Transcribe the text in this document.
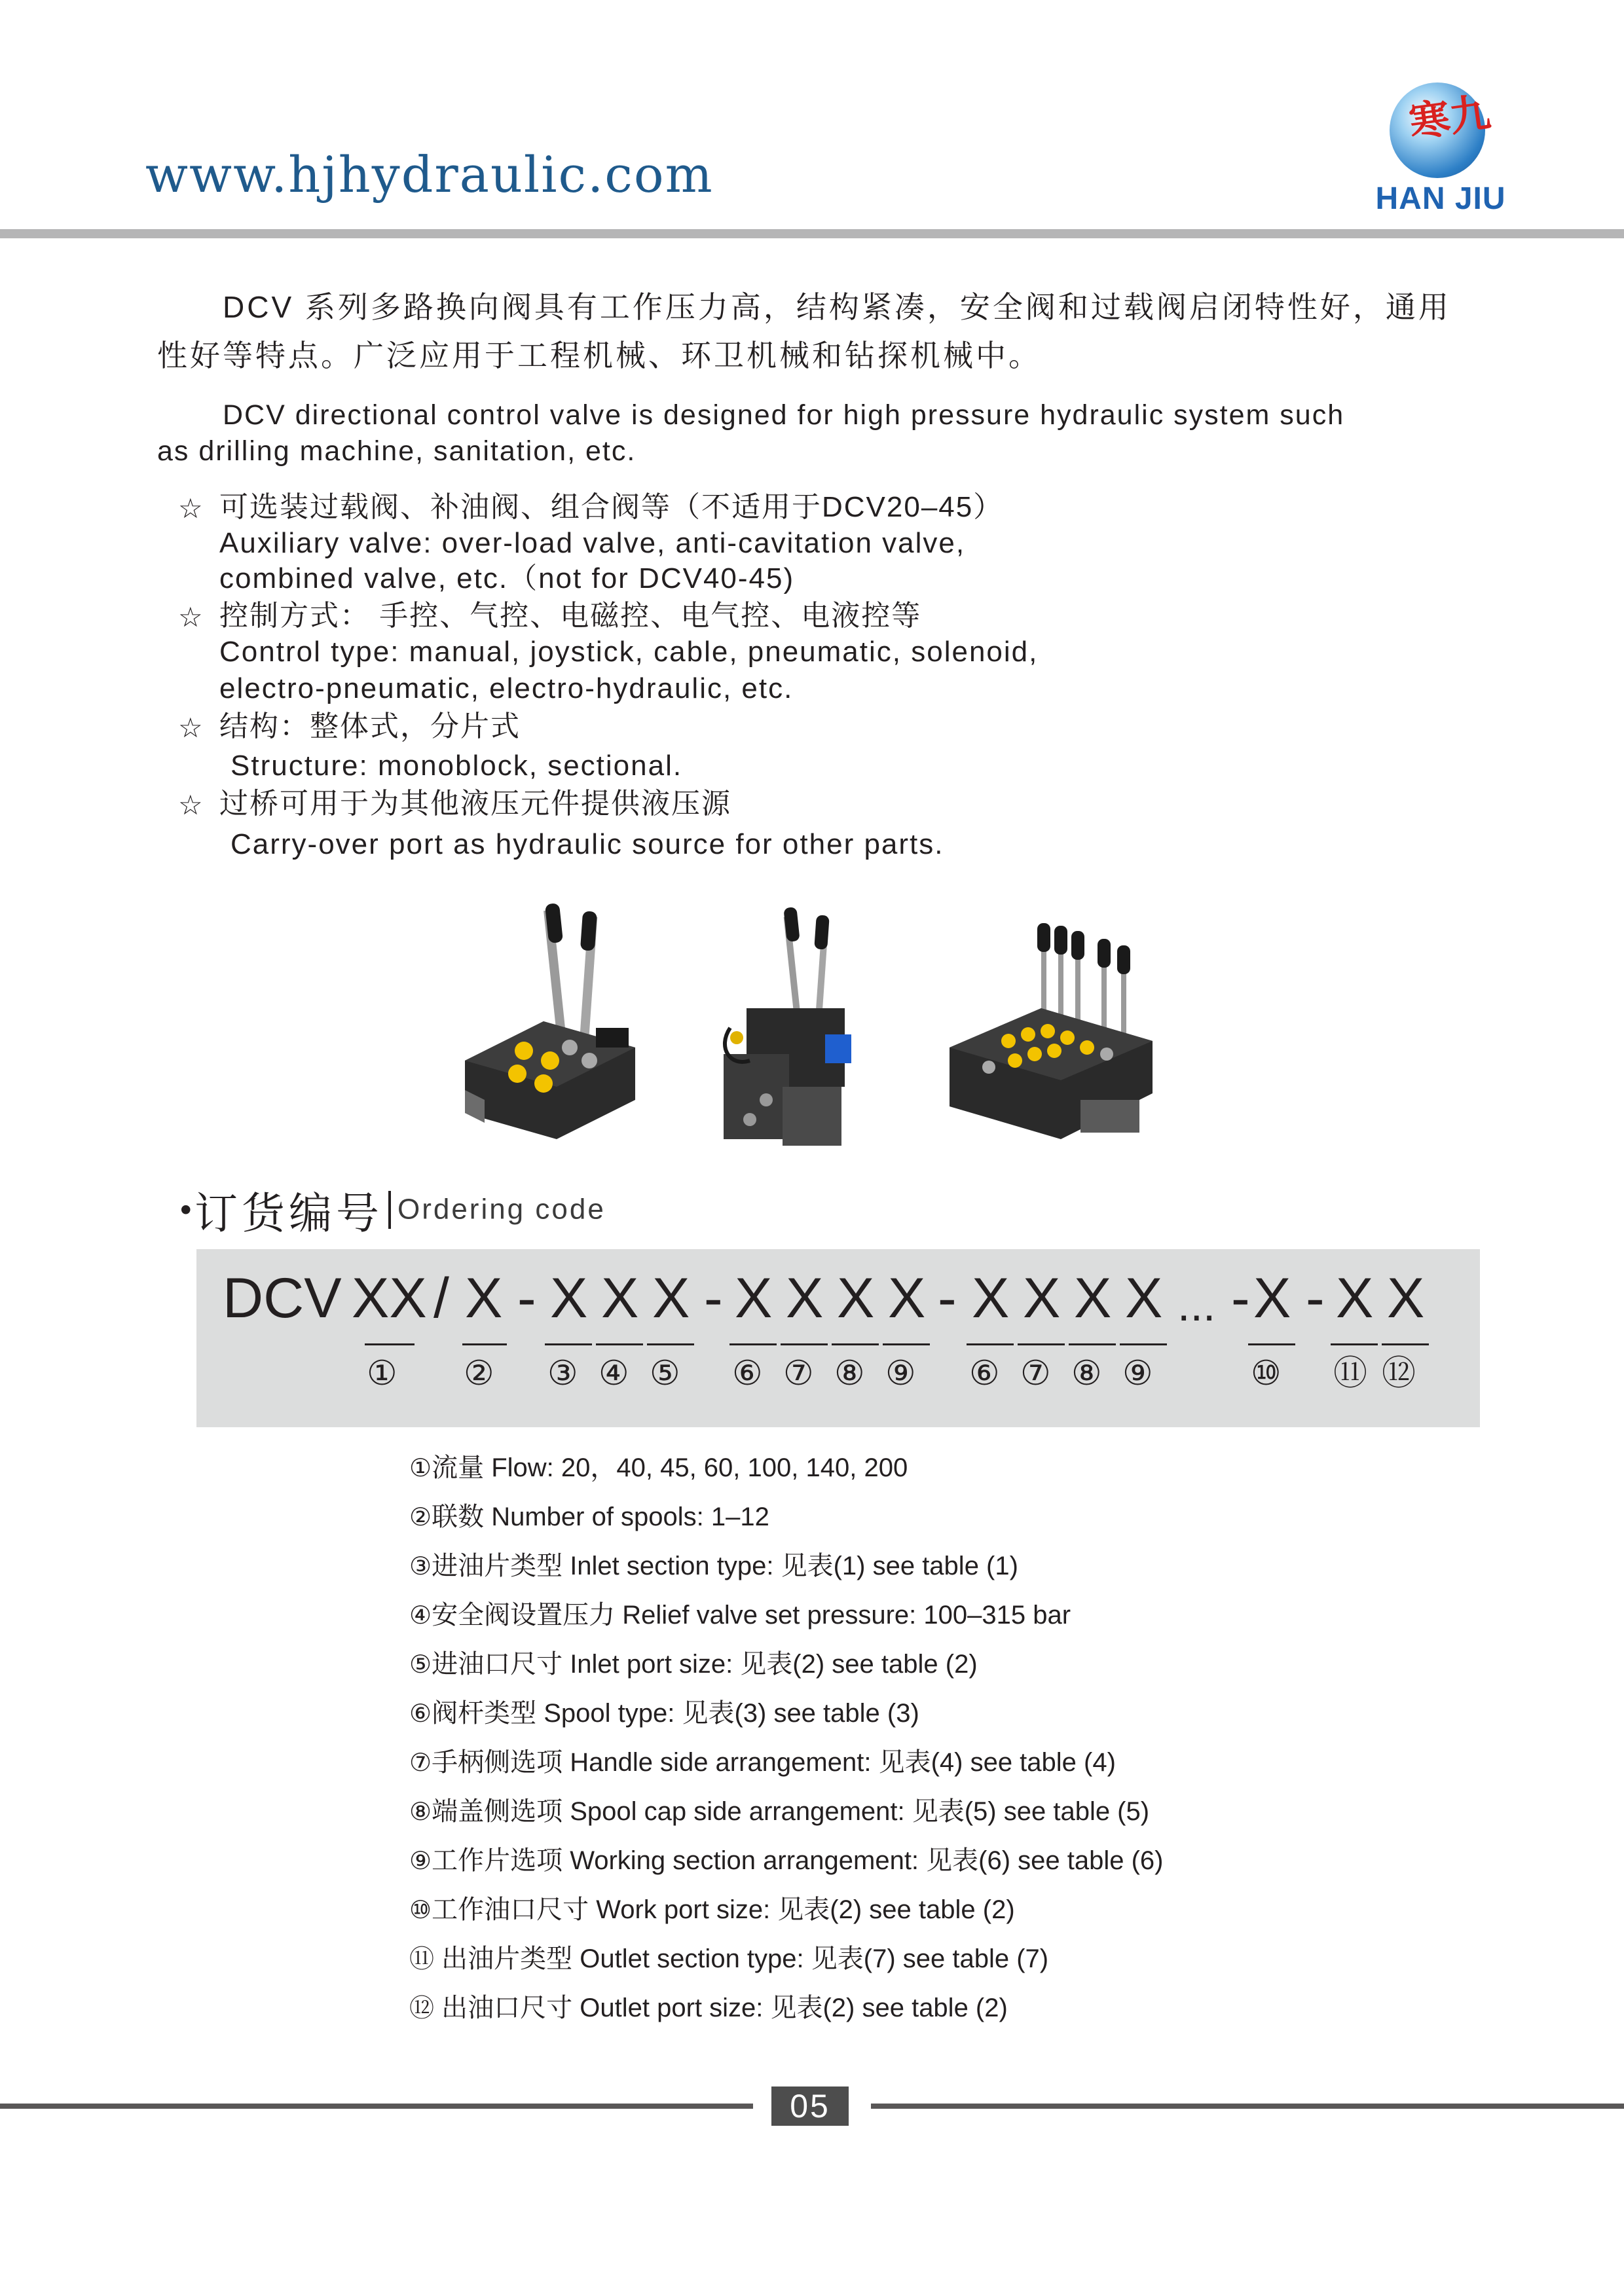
www.hjhydraulic.com
寒九
HAN JIU
DCV 系列多路换向阀具有工作压力高，结构紧凑，安全阀和过载阀启闭特性好，通用
性好等特点。广泛应用于工程机械、环卫机械和钻探机械中。
DCV directional control valve is designed for high pressure hydraulic system such
as drilling machine, sanitation, etc.
☆ 可选装过载阀、补油阀、组合阀等（不适用于DCV20–45）
Auxiliary valve: over-load valve, anti-cavitation valve,
combined valve, etc.（not for DCV40-45)
☆ 控制方式： 手控、气控、电磁控、电气控、电液控等
Control type: manual, joystick, cable, pneumatic, solenoid,
electro-pneumatic, electro-hydraulic, etc.
☆ 结构：整体式，分片式
Structure: monoblock, sectional.
☆ 过桥可用于为其他液压元件提供液压源
Carry-over port as hydraulic source for other parts.
• 订货编号 Ordering code
DCV XX / X - X X X - X X X X - X X X X ... - X - X X
① ② ③ ④ ⑤ ⑥ ⑦ ⑧ ⑨ ⑥ ⑦ ⑧ ⑨	⑩ ⑪ ⑫
①流量 Flow: 20，40, 45, 60, 100, 140, 200
②联数 Number of spools: 1–12
③进油片类型 Inlet section type: 见表(1) see table (1)
④安全阀设置压力 Relief valve set pressure: 100–315 bar
⑤进油口尺寸 Inlet port size: 见表(2) see table (2)
⑥阀杆类型 Spool type: 见表(3) see table (3)
⑦手柄侧选项 Handle side arrangement: 见表(4) see table (4)
⑧端盖侧选项 Spool cap side arrangement: 见表(5) see table (5)
⑨工作片选项 Working section arrangement: 见表(6) see table (6)
⑩工作油口尺寸 Work port size: 见表(2) see table (2)
⑪ 出油片类型 Outlet section type: 见表(7) see table (7)
⑫ 出油口尺寸 Outlet port size: 见表(2) see table (2)
05
